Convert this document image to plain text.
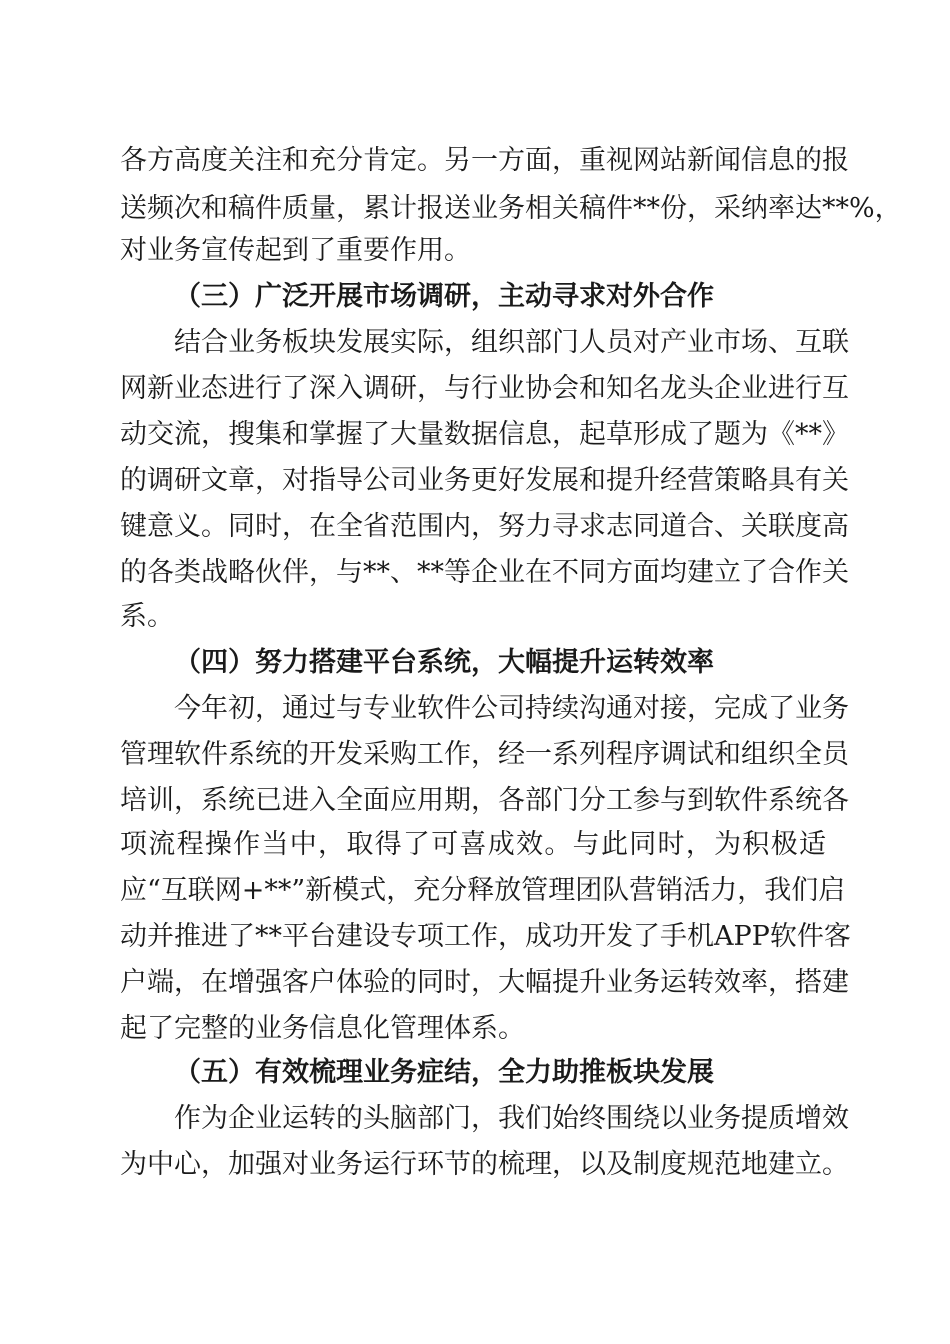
各方高度关注和充分肯定。另一方面，重视网站新闻信息的报
送频次和稿件质量，累计报送业务相关稿件**份，采纳率达**%，
对业务宣传起到了重要作用。
（三）广泛开展市场调研，主动寻求对外合作
结合业务板块发展实际，组织部门人员对产业市场、互联
网新业态进行了深入调研，与行业协会和知名龙头企业进行互
动交流，搜集和掌握了大量数据信息，起草形成了题为《**》
的调研文章，对指导公司业务更好发展和提升经营策略具有关
键意义。同时，在全省范围内，努力寻求志同道合、关联度高
的各类战略伙伴，与**、**等企业在不同方面均建立了合作关
系。
（四）努力搭建平台系统，大幅提升运转效率
今年初，通过与专业软件公司持续沟通对接，完成了业务
管理软件系统的开发采购工作，经一系列程序调试和组织全员
培训，系统已进入全面应用期，各部门分工参与到软件系统各
项流程操作当中，取得了可喜成效。与此同时，为积极适
应“互联网+**”新模式，充分释放管理团队营销活力，我们启
动并推进了**平台建设专项工作，成功开发了手机APP软件客
户端，在增强客户体验的同时，大幅提升业务运转效率，搭建
起了完整的业务信息化管理体系。
（五）有效梳理业务症结，全力助推板块发展
作为企业运转的头脑部门，我们始终围绕以业务提质增效
为中心，加强对业务运行环节的梳理，以及制度规范地建立。
